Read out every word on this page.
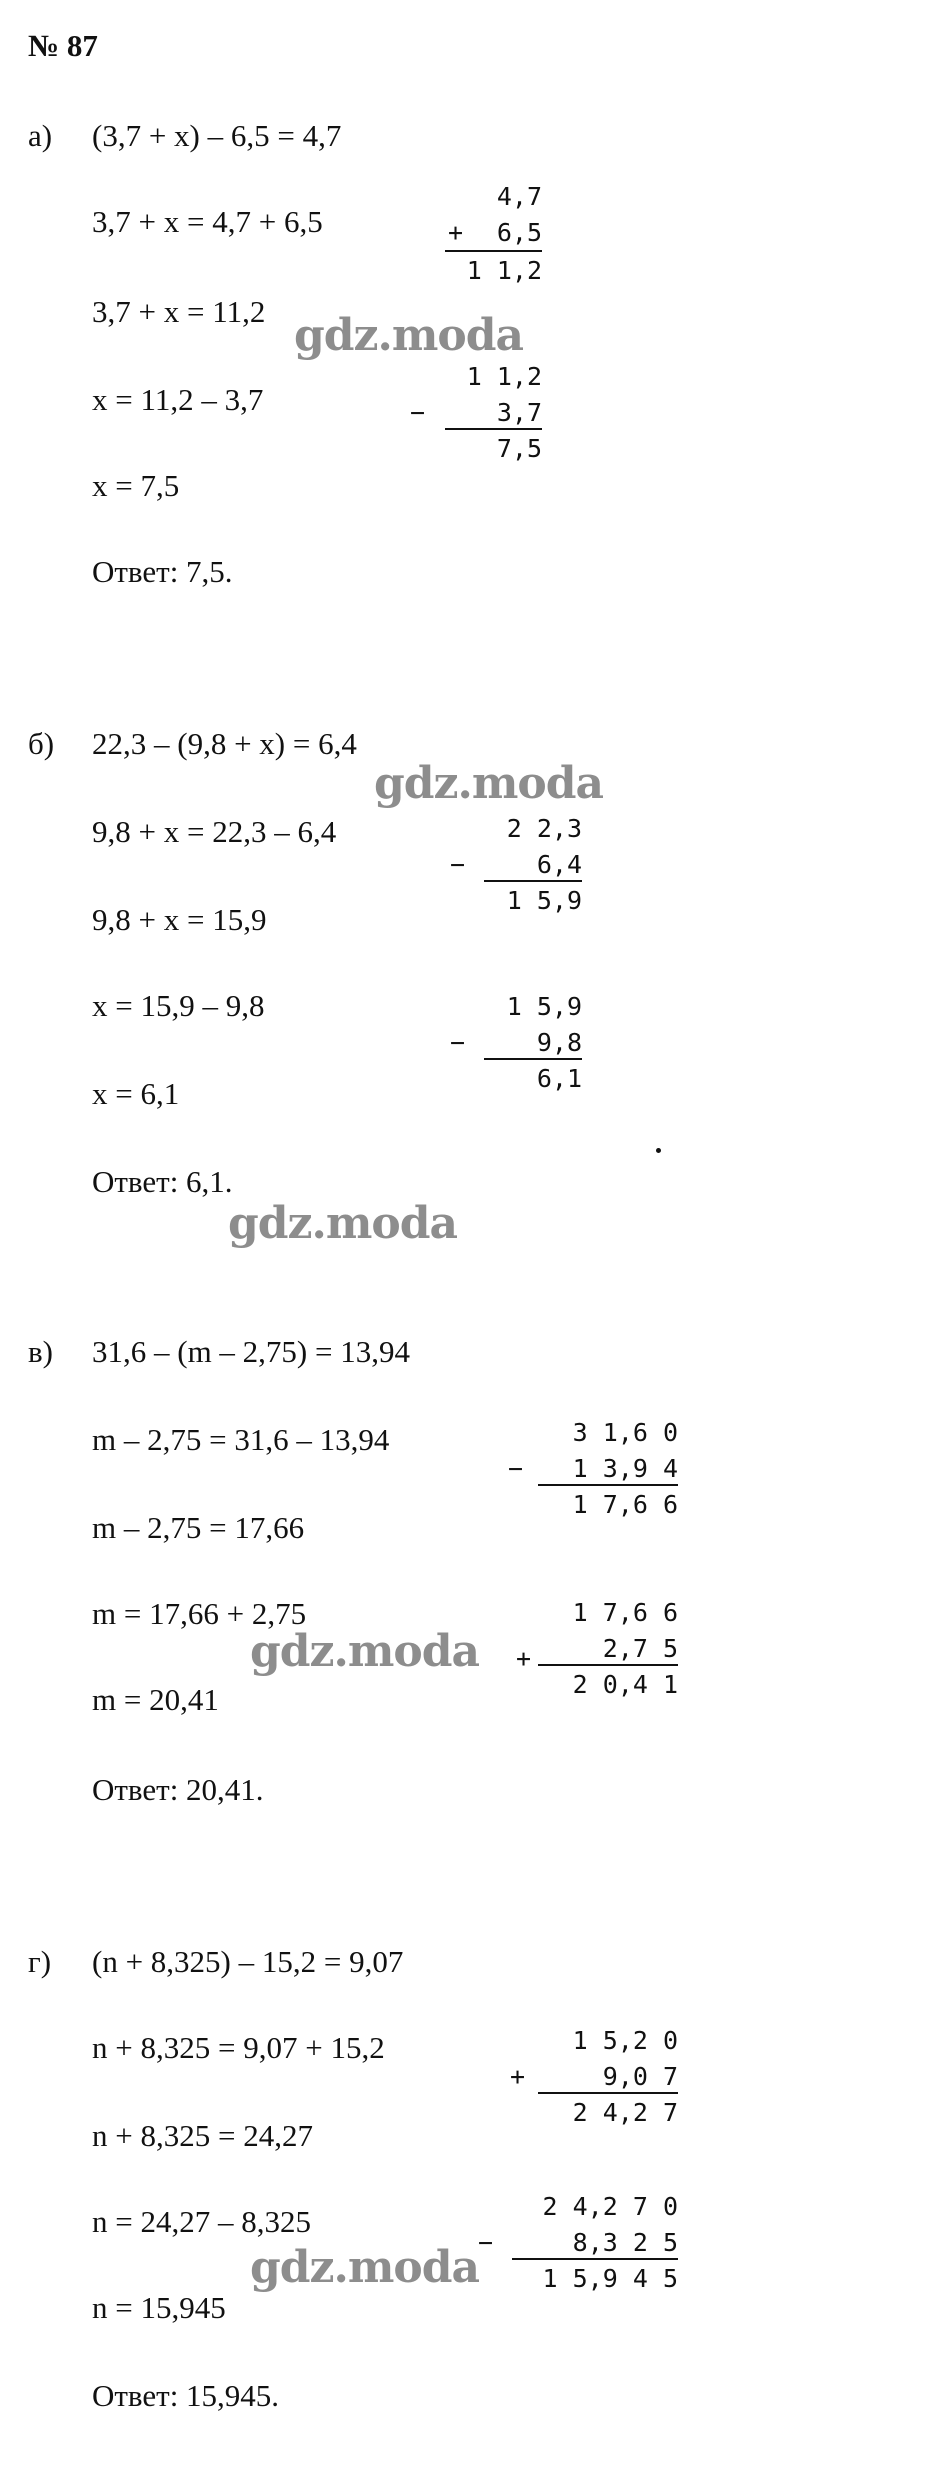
№ 87
а) (3,7 + x) – 6,5 = 4,7
3,7 + x = 4,7 + 6,5
3,7 + x = 11,2
x = 11,2 – 3,7
x = 7,5
Ответ: 7,5.
4,7
+ 6,5
1 1,2
1 1,2
−	3,7
7,5
gdz.moda
б) 22,3 – (9,8 + x) = 6,4
9,8 + x = 22,3 – 6,4
9,8 + x = 15,9
x = 15,9 – 9,8
x = 6,1
Ответ: 6,1.
2 2,3
−	6,4
1 5,9
1 5,9
−	9,8
6,1
gdz.moda
gdz.moda
в) 31,6 – (m – 2,75) = 13,94
m – 2,75 = 31,6 – 13,94
m – 2,75 = 17,66
m = 17,66 + 2,75
m = 20,41
Ответ: 20,41.
3 1,6 0
− 1 3,9 4
1 7,6 6
1 7,6 6
+	2,7 5
2 0,4 1
gdz.moda
г) (n + 8,325) – 15,2 = 9,07
n + 8,325 = 9,07 + 15,2
n + 8,325 = 24,27
n = 24,27 – 8,325
n = 15,945
Ответ: 15,945.
1 5,2 0
+	9,0 7
2 4,2 7
2 4,2 7 0
−	8,3 2 5
1 5,9 4 5
gdz.moda
